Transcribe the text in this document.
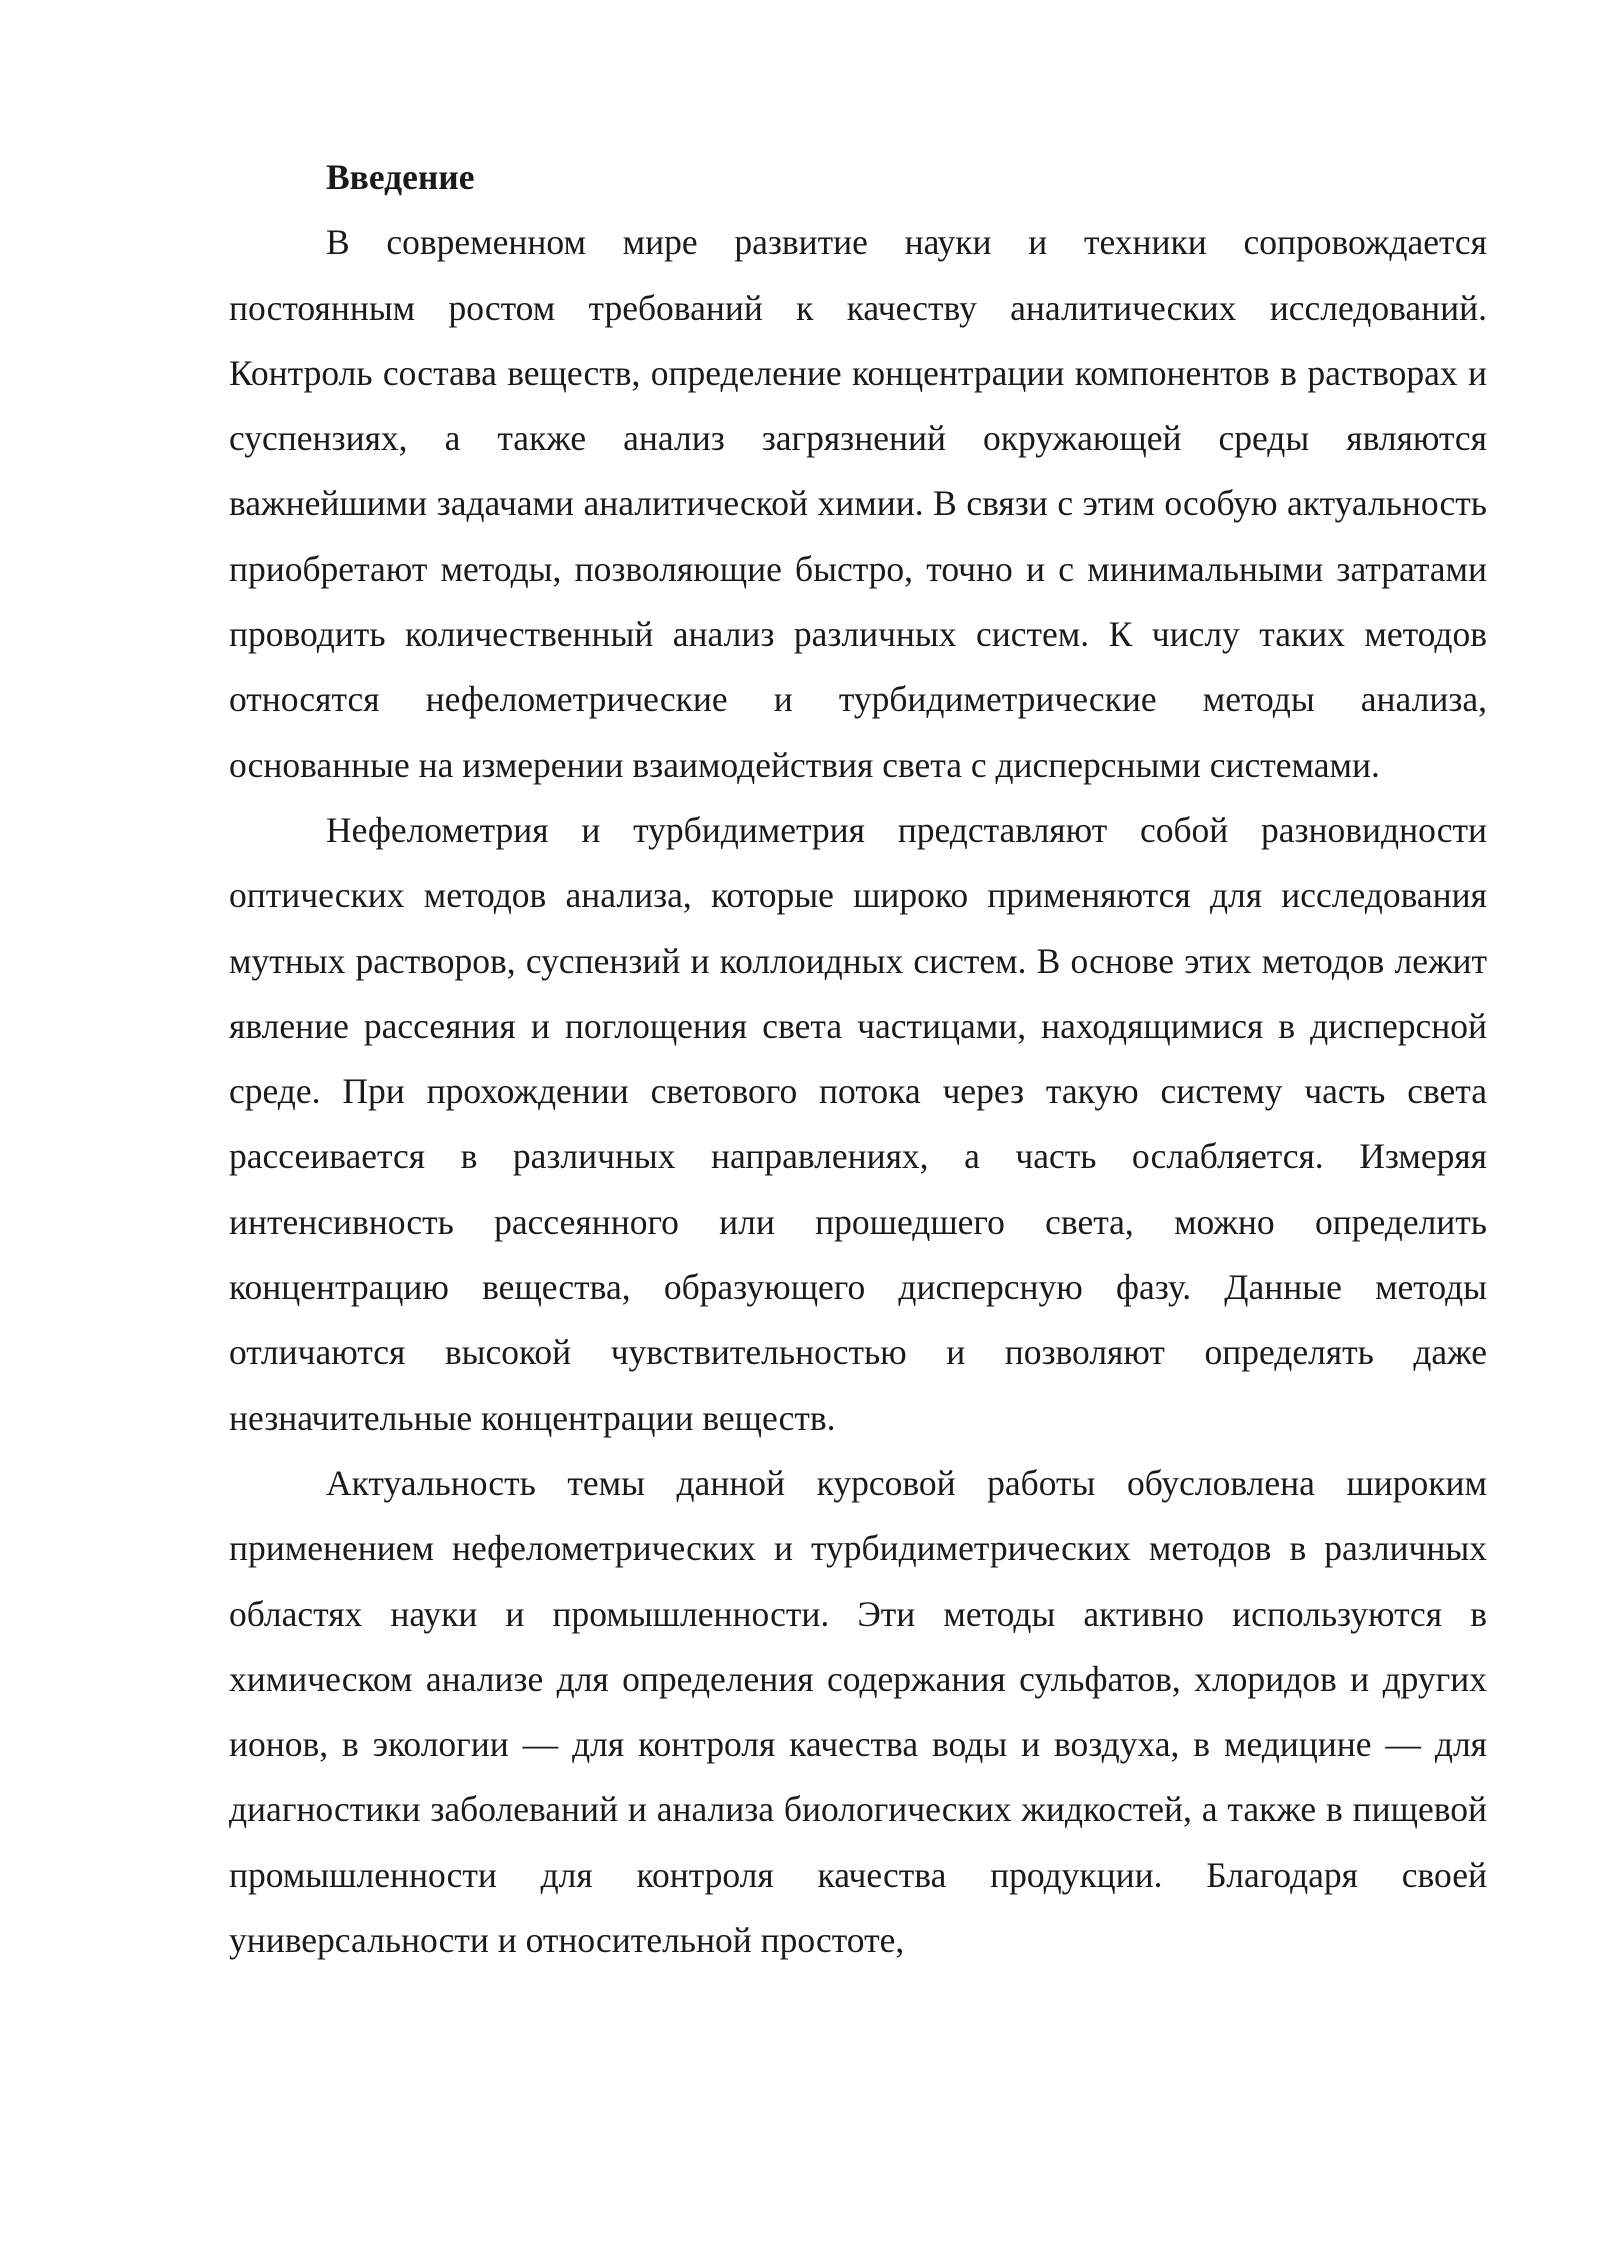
Введение

В современном мире развитие науки и техники сопровождается постоянным ростом требований к качеству аналитических исследований. Контроль состава веществ, определение концентрации компонентов в растворах и суспензиях, а также анализ загрязнений окружающей среды являются важнейшими задачами аналитической химии. В связи с этим особую актуальность приобретают методы, позволяющие быстро, точно и с минимальными затратами проводить количественный анализ различных систем. К числу таких методов относятся нефелометрические и турбидиметрические методы анализа, основанные на измерении взаимодействия света с дисперсными системами.

Нефелометрия и турбидиметрия представляют собой разновидности оптических методов анализа, которые широко применяются для исследования мутных растворов, суспензий и коллоидных систем. В основе этих методов лежит явление рассеяния и поглощения света частицами, находящимися в дисперсной среде. При прохождении светового потока через такую систему часть света рассеивается в различных направлениях, а часть ослабляется. Измеряя интенсивность рассеянного или прошедшего света, можно определить концентрацию вещества, образующего дисперсную фазу. Данные методы отличаются высокой чувствительностью и позволяют определять даже незначительные концентрации веществ.

Актуальность темы данной курсовой работы обусловлена широким применением нефелометрических и турбидиметрических методов в различных областях науки и промышленности. Эти методы активно используются в химическом анализе для определения содержания сульфатов, хлоридов и других ионов, в экологии — для контроля качества воды и воздуха, в медицине — для диагностики заболеваний и анализа биологических жидкостей, а также в пищевой промышленности для контроля качества продукции. Благодаря своей универсальности и относительной простоте,
